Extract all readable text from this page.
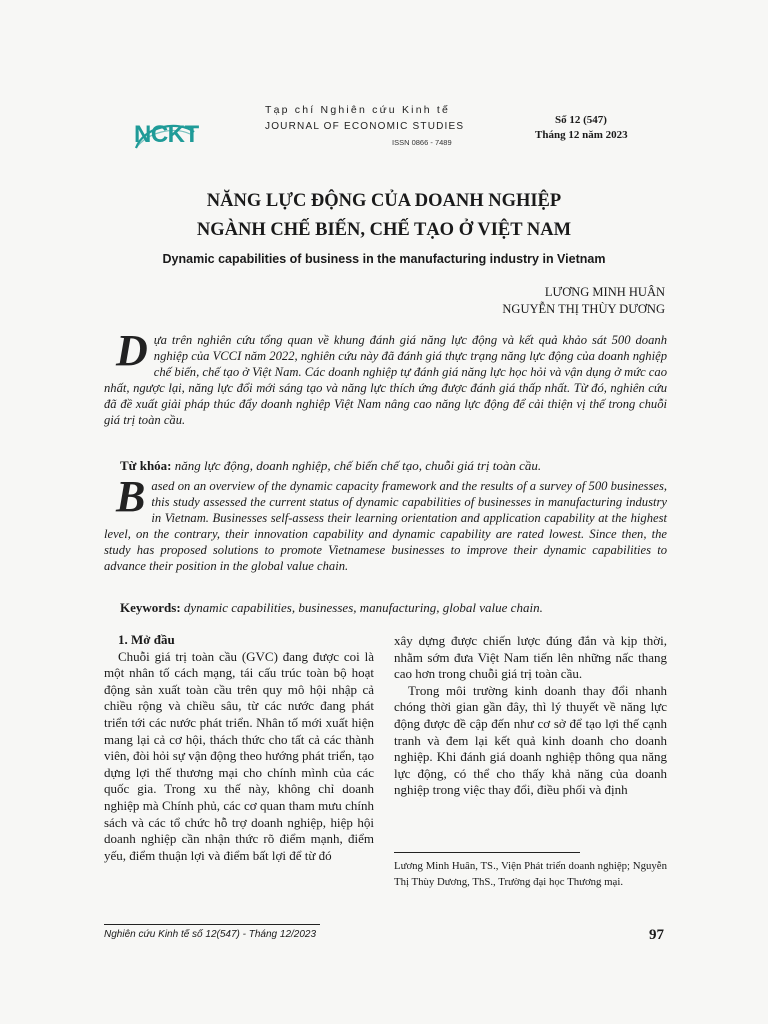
NCKT
Tạp chí Nghiên cứu Kinh tế
JOURNAL OF ECONOMIC STUDIES
ISSN 0866 - 7489
Số 12 (547)
Tháng 12 năm 2023
NĂNG LỰC ĐỘNG CỦA DOANH NGHIỆP
NGÀNH CHẾ BIẾN, CHẾ TẠO Ở VIỆT NAM
Dynamic capabilities of business in the manufacturing industry in Vietnam
LƯƠNG MINH HUÂN
NGUYỄN THỊ THÙY DƯƠNG
Dựa trên nghiên cứu tổng quan về khung đánh giá năng lực động và kết quả khảo sát 500 doanh nghiệp của VCCI năm 2022, nghiên cứu này đã đánh giá thực trạng năng lực động của doanh nghiệp chế biến, chế tạo ở Việt Nam. Các doanh nghiệp tự đánh giá năng lực học hỏi và vận dụng ở mức cao nhất, ngược lại, năng lực đổi mới sáng tạo và năng lực thích ứng được đánh giá thấp nhất. Từ đó, nghiên cứu đã đề xuất giải pháp thúc đẩy doanh nghiệp Việt Nam nâng cao năng lực động để cải thiện vị thế trong chuỗi giá trị toàn cầu.
Từ khóa: năng lực động, doanh nghiệp, chế biến chế tạo, chuỗi giá trị toàn cầu.
Based on an overview of the dynamic capacity framework and the results of a survey of 500 businesses, this study assessed the current status of dynamic capabilities of businesses in manufacturing industry in Vietnam. Businesses self-assess their learning orientation and application capability at the highest level, on the contrary, their innovation capability and dynamic capability are rated lowest. Since then, the study has proposed solutions to promote Vietnamese businesses to improve their dynamic capabilities to advance their position in the global value chain.
Keywords: dynamic capabilities, businesses, manufacturing, global value chain.
1. Mở đầu

Chuỗi giá trị toàn cầu (GVC) đang được coi là một nhân tố cách mạng, tái cấu trúc toàn bộ hoạt động sản xuất toàn cầu trên quy mô hội nhập cả chiều rộng và chiều sâu, từ các nước đang phát triển tới các nước phát triển. Nhân tố mới xuất hiện mang lại cả cơ hội, thách thức cho tất cả các thành viên, đòi hỏi sự vận động theo hướng phát triển, tạo dựng lợi thế thương mại cho chính mình của các quốc gia. Trong xu thế này, không chỉ doanh nghiệp mà Chính phủ, các cơ quan tham mưu chính sách và các tổ chức hỗ trợ doanh nghiệp, hiệp hội doanh nghiệp cần nhận thức rõ điểm mạnh, điểm yếu, điểm thuận lợi và điểm bất lợi để từ đó

xây dựng được chiến lược đúng đắn và kịp thời, nhằm sớm đưa Việt Nam tiến lên những nấc thang cao hơn trong chuỗi giá trị toàn cầu.

Trong môi trường kinh doanh thay đổi nhanh chóng thời gian gần đây, thì lý thuyết về năng lực động được đề cập đến như cơ sở để tạo lợi thế cạnh tranh và đem lại kết quả kinh doanh cho doanh nghiệp. Khi đánh giá doanh nghiệp thông qua năng lực động, có thể cho thấy khả năng của doanh nghiệp trong việc thay đổi, điều phối và định

Lương Minh Huân, TS., Viện Phát triển doanh nghiệp; Nguyễn Thị Thùy Dương, ThS., Trường đại học Thương mại.
Nghiên cứu Kinh tế số 12(547) - Tháng 12/2023	97
